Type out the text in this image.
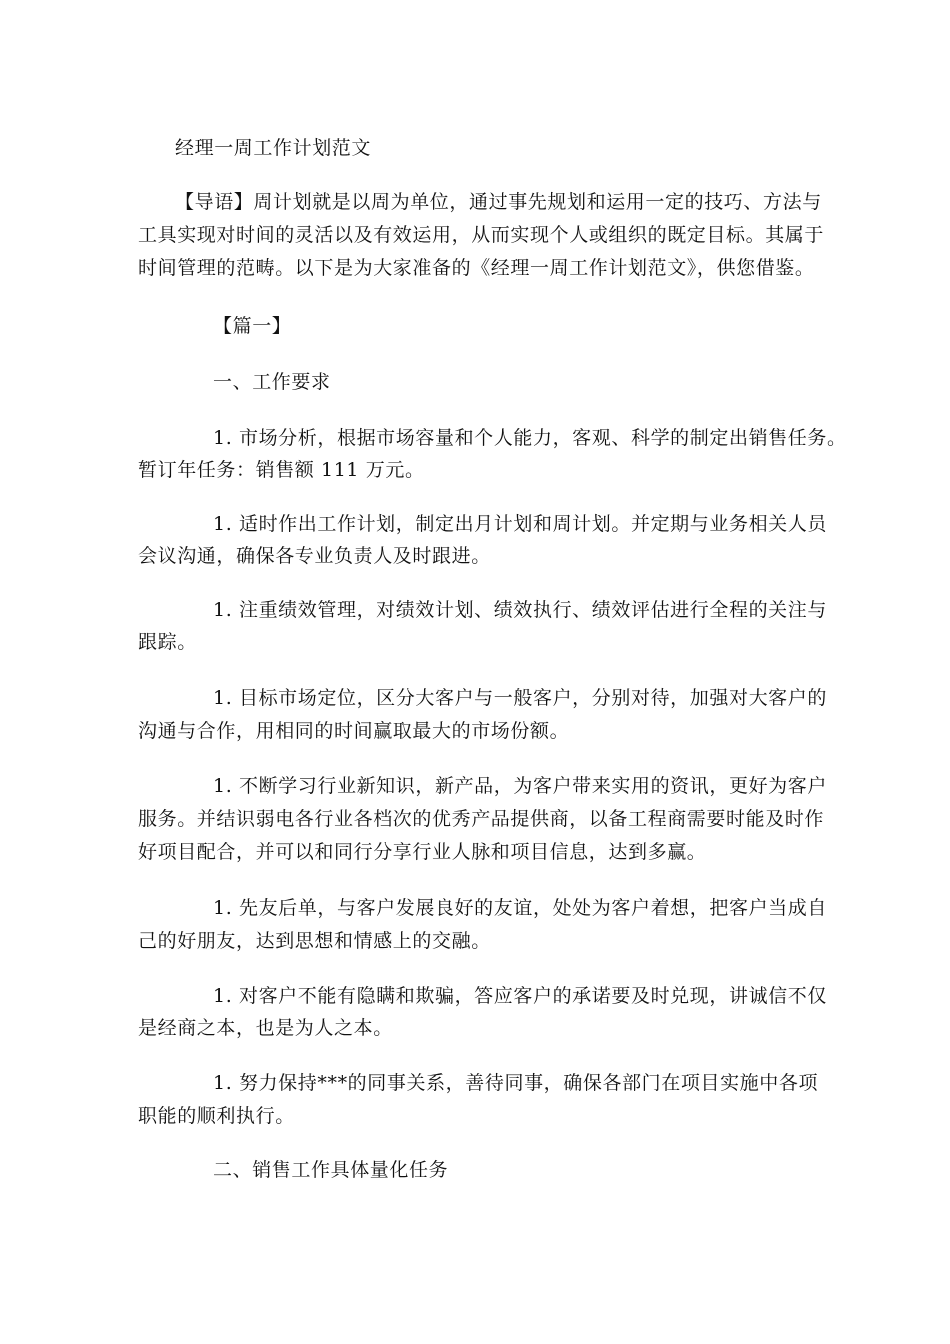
经理一周工作计划范文
【导语】周计划就是以周为单位，通过事先规划和运用一定的技巧、方法与
工具实现对时间的灵活以及有效运用，从而实现个人或组织的既定目标。其属于
时间管理的范畴。以下是为大家准备的《经理一周工作计划范文》，供您借鉴。
【篇一】
一、工作要求
1. 市场分析，根据市场容量和个人能力，客观、科学的制定出销售任务。
暂订年任务：销售额 111 万元。
1. 适时作出工作计划，制定出月计划和周计划。并定期与业务相关人员
会议沟通，确保各专业负责人及时跟进。
1. 注重绩效管理，对绩效计划、绩效执行、绩效评估进行全程的关注与
跟踪。
1. 目标市场定位，区分大客户与一般客户，分别对待，加强对大客户的
沟通与合作，用相同的时间赢取最大的市场份额。
1. 不断学习行业新知识，新产品，为客户带来实用的资讯，更好为客户
服务。并结识弱电各行业各档次的优秀产品提供商，以备工程商需要时能及时作
好项目配合，并可以和同行分享行业人脉和项目信息，达到多赢。
1. 先友后单，与客户发展良好的友谊，处处为客户着想，把客户当成自
己的好朋友，达到思想和情感上的交融。
1. 对客户不能有隐瞒和欺骗，答应客户的承诺要及时兑现，讲诚信不仅
是经商之本，也是为人之本。
1. 努力保持***的同事关系，善待同事，确保各部门在项目实施中各项
职能的顺利执行。
二、销售工作具体量化任务
